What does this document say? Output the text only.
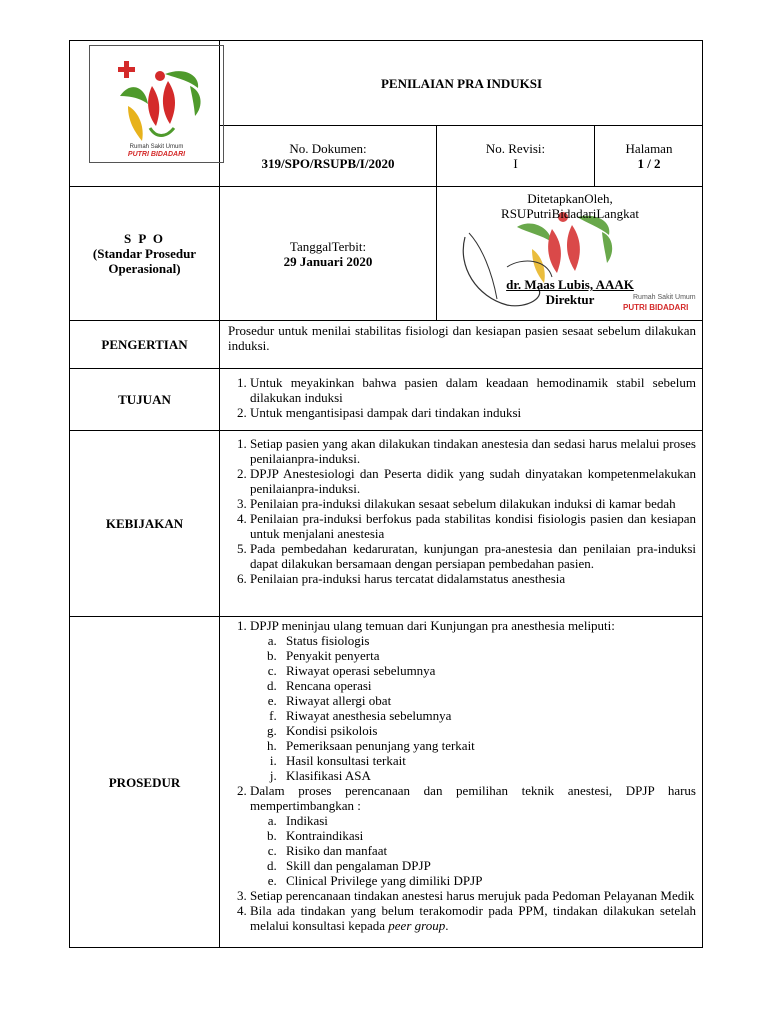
Rumah Sakit Umum
PUTRI BIDADARI
PENILAIAN PRA INDUKSI
No. Dokumen:
319/SPO/RSUPB/I/2020
No. Revisi:
I
Halaman
1 / 2
S P O
(Standar Prosedur
Operasional)
TanggalTerbit:
29 Januari 2020
Rumah Sakit Umum
PUTRI BIDADARI
DitetapkanOleh,
RSUPutriBidadariLangkat
dr. Maas Lubis, AAAK
Direktur
PENGERTIAN
Prosedur untuk menilai stabilitas fisiologi dan kesiapan pasien sesaat sebelum dilakukan induksi.
TUJUAN
1. Untuk meyakinkan bahwa pasien dalam keadaan hemodinamik stabil sebelum dilakukan induksi
2. Untuk mengantisipasi dampak dari tindakan induksi
KEBIJAKAN
1. Setiap pasien yang akan dilakukan tindakan anestesia dan sedasi harus melalui proses penilaianpra-induksi.
2. DPJP Anestesiologi dan Peserta didik yang sudah dinyatakan kompetenmelakukan penilaianpra-induksi.
3. Penilaian pra-induksi dilakukan sesaat sebelum dilakukan induksi di kamar bedah
4. Penilaian pra-induksi berfokus pada stabilitas kondisi fisiologis pasien dan kesiapan untuk menjalani anestesia
5. Pada pembedahan kedaruratan, kunjungan pra-anestesia dan penilaian pra-induksi dapat dilakukan bersamaan dengan persiapan pembedahan pasien.
6. Penilaian pra-induksi harus tercatat didalamstatus anesthesia
PROSEDUR
1. DPJP meninjau ulang temuan dari Kunjungan pra anesthesia meliputi:
a. Status fisiologis
b. Penyakit penyerta
c. Riwayat operasi sebelumnya
d. Rencana operasi
e. Riwayat allergi obat
f. Riwayat anesthesia sebelumnya
g. Kondisi psikolois
h. Pemeriksaan penunjang yang terkait
i. Hasil konsultasi terkait
j. Klasifikasi ASA
2. Dalam proses perencanaan dan pemilihan teknik anestesi, DPJP harus mempertimbangkan :
a. Indikasi
b. Kontraindikasi
c. Risiko dan manfaat
d. Skill dan pengalaman DPJP
e. Clinical Privilege yang dimiliki DPJP
3. Setiap perencanaan tindakan anestesi harus merujuk pada Pedoman Pelayanan Medik
4. Bila ada tindakan yang belum terakomodir pada PPM, tindakan dilakukan setelah melalui konsultasi kepada peer group.
